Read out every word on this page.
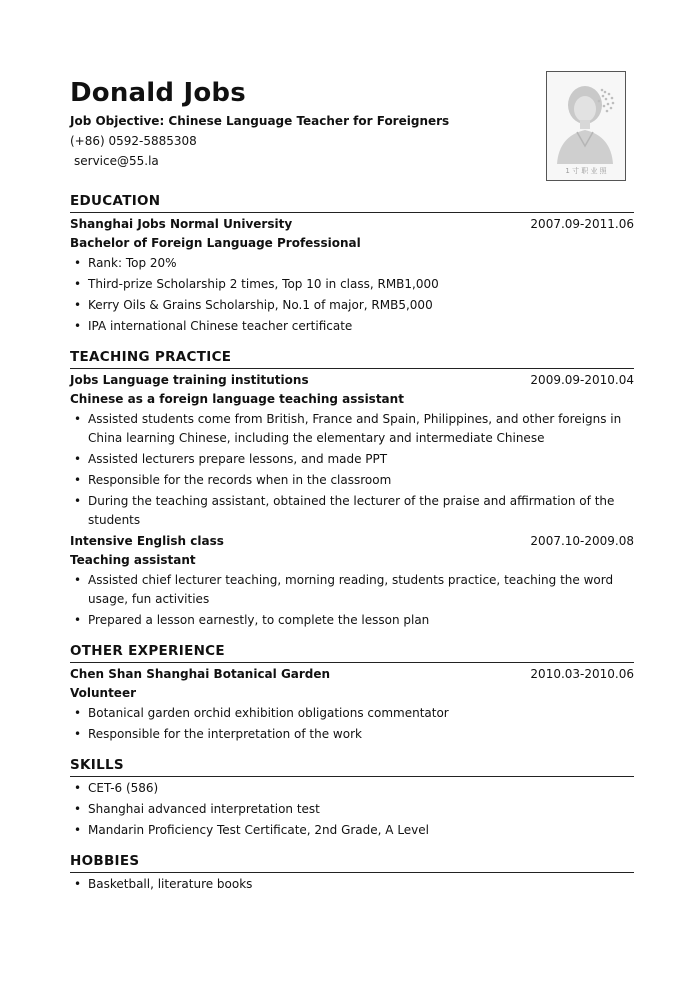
Donald Jobs
Job Objective: Chinese Language Teacher for Foreigners
(+86) 0592-5885308
service@55.la
1 寸 职 业 照
EDUCATION
Shanghai Jobs Normal University	2007.09-2011.06
Bachelor of Foreign Language Professional
• Rank: Top 20%
• Third-prize Scholarship 2 times, Top 10 in class, RMB1,000
• Kerry Oils & Grains Scholarship, No.1 of major, RMB5,000
• IPA international Chinese teacher certificate
TEACHING PRACTICE
Jobs Language training institutions	2009.09-2010.04
Chinese as a foreign language teaching assistant
• Assisted students come from British, France and Spain, Philippines, and other foreigns in China learning Chinese, including the elementary and intermediate Chinese
• Assisted lecturers prepare lessons, and made PPT
• Responsible for the records when in the classroom
• During the teaching assistant, obtained the lecturer of the praise and affirmation of the students
Intensive English class	2007.10-2009.08
Teaching assistant
• Assisted chief lecturer teaching, morning reading, students practice, teaching the word usage, fun activities
• Prepared a lesson earnestly, to complete the lesson plan
OTHER EXPERIENCE
Chen Shan Shanghai Botanical Garden	2010.03-2010.06
Volunteer
• Botanical garden orchid exhibition obligations commentator
• Responsible for the interpretation of the work
SKILLS
• CET-6 (586)
• Shanghai advanced interpretation test
• Mandarin Proficiency Test Certificate, 2nd Grade, A Level
HOBBIES
• Basketball, literature books
